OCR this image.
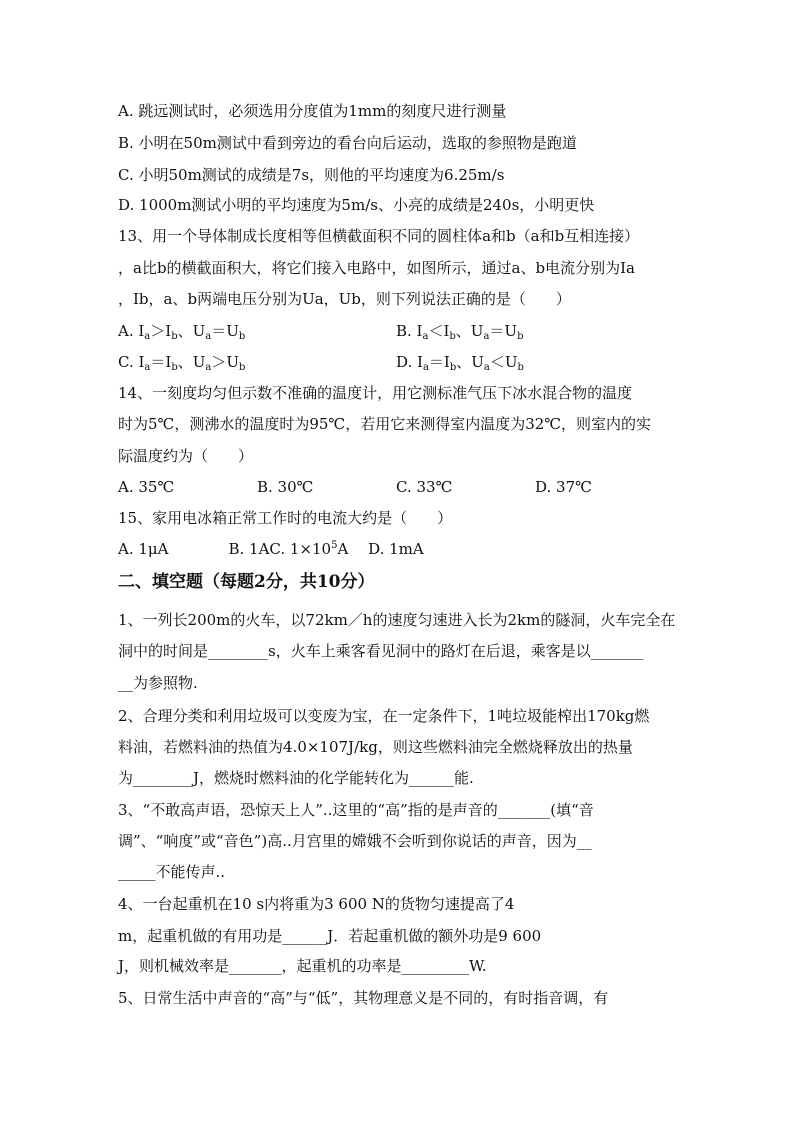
A. 跳远测试时，必须选用分度值为1mm的刻度尺进行测量
B. 小明在50m测试中看到旁边的看台向后运动，选取的参照物是跑道
C. 小明50m测试的成绩是7s，则他的平均速度为6.25m/s
D. 1000m测试小明的平均速度为5m/s、小亮的成绩是240s，小明更快
13、用一个导体制成长度相等但横截面积不同的圆柱体a和b（a和b互相连接）
，a比b的横截面积大，将它们接入电路中，如图所示，通过a、b电流分别为Ia
，Ib，a、b两端电压分别为Ua，Ub，则下列说法正确的是（　　）
A. $I_a>I_b$、$U_a=U_b$	B. $I_a<I_b$、$U_a=U_b$
C. $I_a=I_b$、$U_a>U_b$	D. $I_a=I_b$、$U_a<U_b$
14、一刻度均匀但示数不准确的温度计，用它测标准气压下冰水混合物的温度
时为5℃，测沸水的温度时为95℃，若用它来测得室内温度为32℃，则室内的实
际温度约为（　　）
A. 35℃	B. 30℃	C. 33℃	D. 37℃
15、家用电冰箱正常工作时的电流大约是（　　）
A. 1μA　　　　B. 1AC. $1\times 10^5A$　 D. 1mA
二、填空题（每题2分，共10分）
1、一列长200m的火车，以72km／h的速度匀速进入长为2km的隧洞，火车完全在
洞中的时间是________s，火车上乘客看见洞中的路灯在后退，乘客是以_______
__为参照物.
2、合理分类和利用垃圾可以变废为宝，在一定条件下，1吨垃圾能榨出170kg燃
料油，若燃料油的热值为4.0×107J/kg，则这些燃料油完全燃烧释放出的热量
为________J，燃烧时燃料油的化学能转化为______能.
3、“不敢高声语，恐惊天上人”..这里的“高”指的是声音的_______(填“音
调”、“响度”或“音色”)高..月宫里的嫦娥不会听到你说话的声音，因为__
_____不能传声..
4、一台起重机在10 s内将重为3 600 N的货物匀速提高了4
m，起重机做的有用功是______J．若起重机做的额外功是9 600
J，则机械效率是_______，起重机的功率是_________W.
5、日常生活中声音的“高”与“低”，其物理意义是不同的，有时指音调，有
